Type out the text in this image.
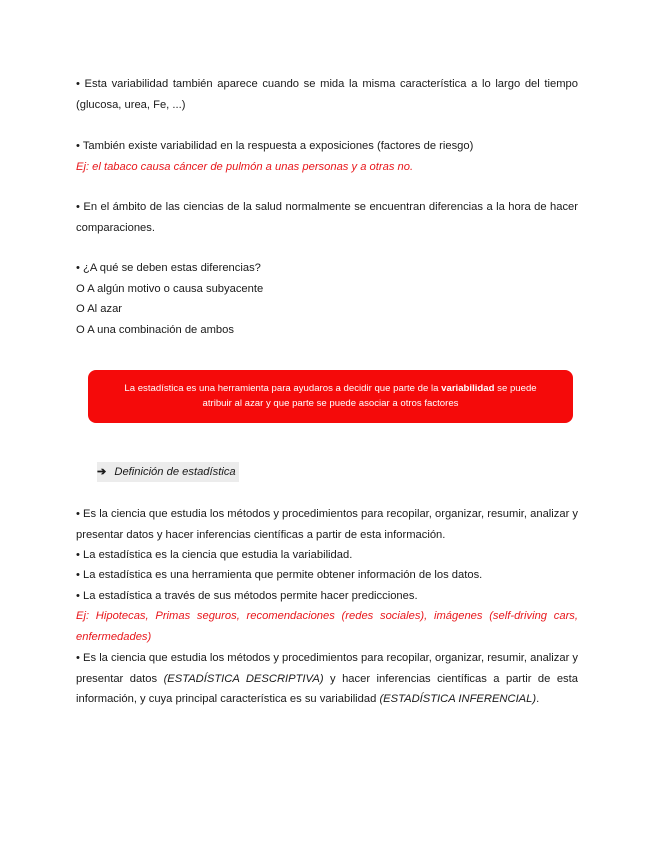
• Esta variabilidad también aparece cuando se mida la misma característica a lo largo del tiempo (glucosa, urea, Fe, ...)

• También existe variabilidad en la respuesta a exposiciones (factores de riesgo)
Ej: el tabaco causa cáncer de pulmón a unas personas y a otras no.

• En el ámbito de las ciencias de la salud normalmente se encuentran diferencias a la hora de hacer comparaciones.

• ¿A qué se deben estas diferencias?
O A algún motivo o causa subyacente
O Al azar
O A una combinación de ambos

La estadística es una herramienta para ayudaros a decidir que parte de la variabilidad se puede atribuir al azar y que parte se puede asociar a otros factores
➔ Definición de estadística

• Es la ciencia que estudia los métodos y procedimientos para recopilar, organizar, resumir, analizar y presentar datos y hacer inferencias científicas a partir de esta información.

• La estadística es la ciencia que estudia la variabilidad.

• La estadística es una herramienta que permite obtener información de los datos.

• La estadística a través de sus métodos permite hacer predicciones.

Ej: Hipotecas, Primas seguros, recomendaciones (redes sociales), imágenes (self-driving cars, enfermedades)

• Es la ciencia que estudia los métodos y procedimientos para recopilar, organizar, resumir, analizar y presentar datos (ESTADÍSTICA DESCRIPTIVA) y hacer inferencias científicas a partir de esta información, y cuya principal característica es su variabilidad (ESTADÍSTICA INFERENCIAL).
